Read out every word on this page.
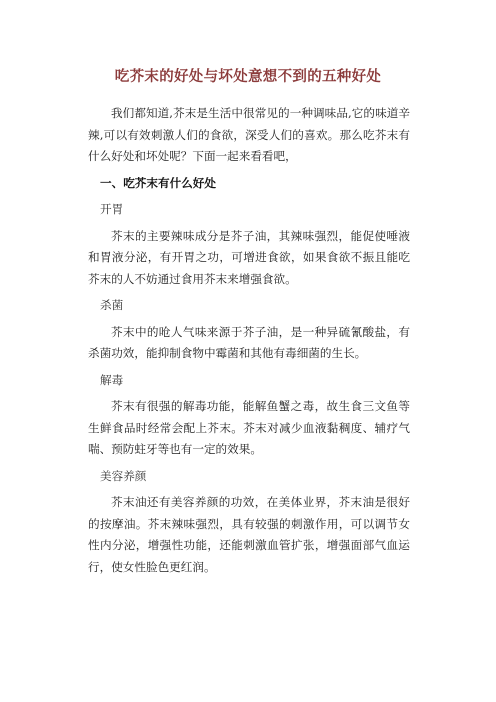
吃芥末的好处与坏处意想不到的五种好处

我们都知道,芥末是生活中很常见的一种调味品,它的味道辛辣,可以有效刺激人们的食欲，深受人们的喜欢。那么吃芥末有什么好处和坏处呢？下面一起来看看吧，

一、吃芥末有什么好处

开胃

芥末的主要辣味成分是芥子油，其辣味强烈，能促使唾液和胃液分泌，有开胃之功，可增进食欲，如果食欲不振且能吃芥末的人不妨通过食用芥末来增强食欲。

杀菌

芥末中的呛人气味来源于芥子油，是一种异硫氰酸盐，有杀菌功效，能抑制食物中霉菌和其他有毒细菌的生长。

解毒

芥末有很强的解毒功能，能解鱼蟹之毒，故生食三文鱼等生鲜食品时经常会配上芥末。芥末对减少血液黏稠度、辅疗气喘、预防蛀牙等也有一定的效果。

美容养颜

芥末油还有美容养颜的功效，在美体业界，芥末油是很好的按摩油。芥末辣味强烈，具有较强的刺激作用，可以调节女性内分泌，增强性功能，还能刺激血管扩张，增强面部气血运行，使女性脸色更红润。
